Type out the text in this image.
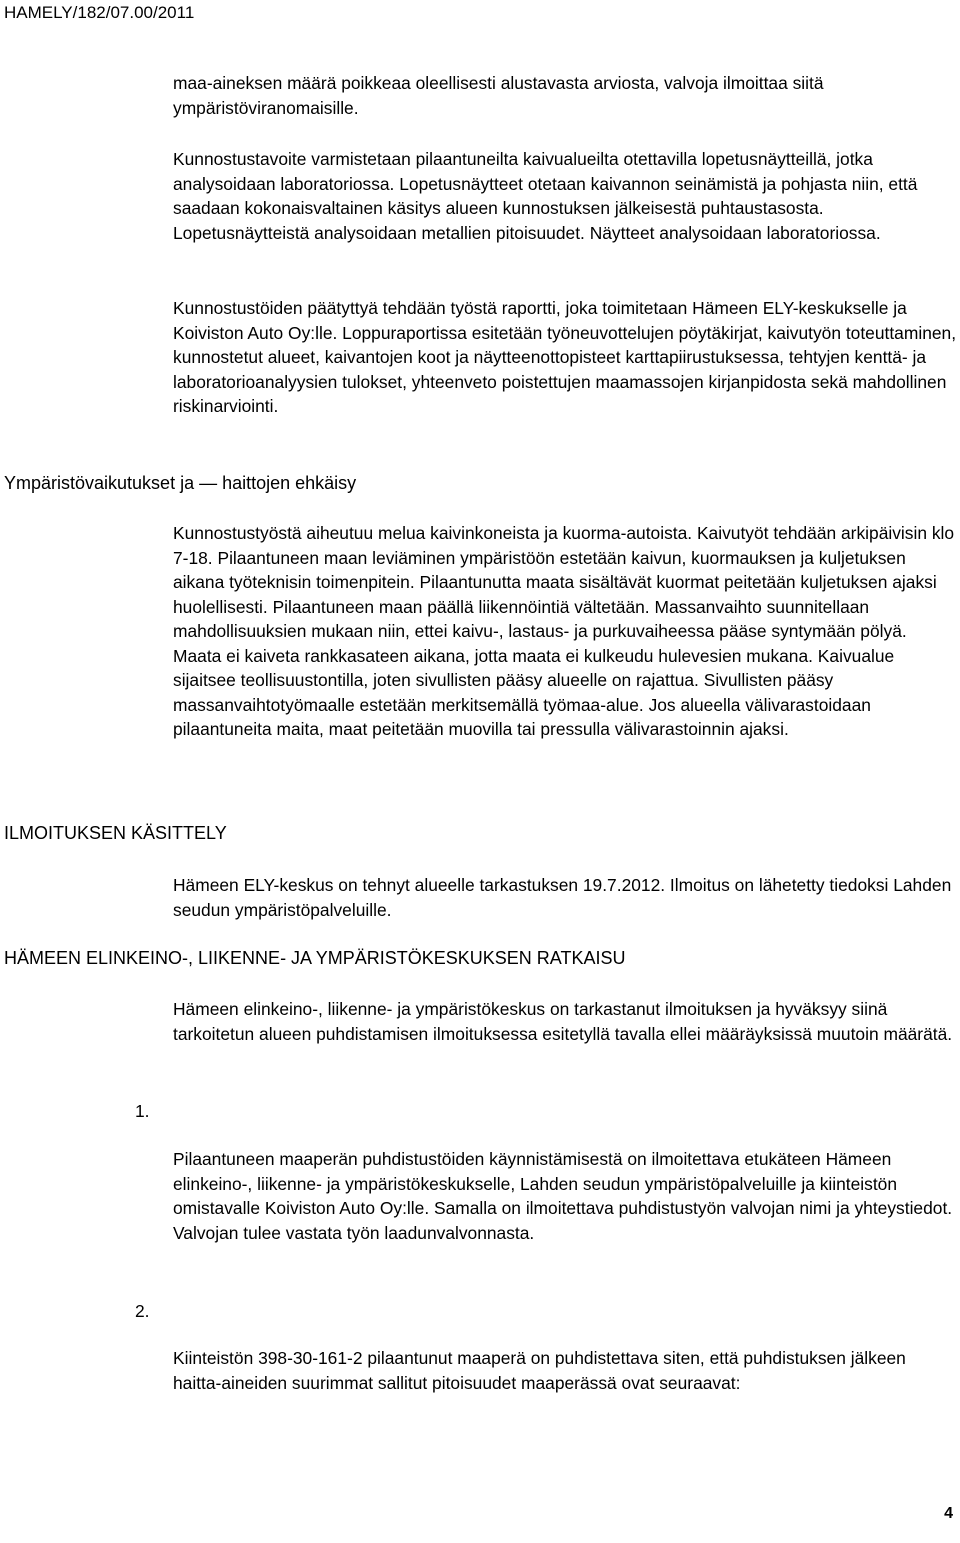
HAMELY/182/07.00/2011

maa-aineksen määrä poikkeaa oleellisesti alustavasta arviosta, valvoja ilmoittaa siitä ympäristöviranomaisille.

Kunnostustavoite varmistetaan pilaantuneilta kaivualueilta otettavilla lopetusnäytteillä, jotka analysoidaan laboratoriossa. Lopetusnäytteet otetaan kaivannon seinämistä ja pohjasta niin, että saadaan kokonaisvaltainen käsitys alueen kunnostuksen jälkeisestä puhtaustasosta. Lopetusnäytteistä analysoidaan metallien pitoisuudet. Näytteet analysoidaan laboratoriossa.

Kunnostustöiden päätyttyä tehdään työstä raportti, joka toimitetaan Hämeen ELY-keskukselle ja Koiviston Auto Oy:lle. Loppuraportissa esitetään työneuvottelujen pöytäkirjat, kaivutyön toteuttaminen, kunnostetut alueet, kaivantojen koot ja näytteenottopisteet karttapiirustuksessa, tehtyjen kenttä- ja laboratorioanalyysien tulokset, yhteenveto poistettujen maamassojen kirjanpidosta sekä mahdollinen riskinarviointi.

Ympäristövaikutukset ja — haittojen ehkäisy

Kunnostustyöstä aiheutuu melua kaivinkoneista ja kuorma-autoista. Kaivutyöt tehdään arkipäivisin klo 7-18. Pilaantuneen maan leviäminen ympäristöön estetään kaivun, kuormauksen ja kuljetuksen aikana työteknisin toimenpitein. Pilaantunutta maata sisältävät kuormat peitetään kuljetuksen ajaksi huolellisesti. Pilaantuneen maan päällä liikennöintiä vältetään. Massanvaihto suunnitellaan mahdollisuuksien mukaan niin, ettei kaivu-, lastaus- ja purkuvaiheessa pääse syntymään pölyä. Maata ei kaiveta rankkasateen aikana, jotta maata ei kulkeudu hulevesien mukana. Kaivualue sijaitsee teollisuustontilla, joten sivullisten pääsy alueelle on rajattua. Sivullisten pääsy massanvaihtotyömaalle estetään merkitsemällä työmaa-alue. Jos alueella välivarastoidaan pilaantuneita maita, maat peitetään muovilla tai pressulla välivarastoinnin ajaksi.

ILMOITUKSEN KÄSITTELY

Hämeen ELY-keskus on tehnyt alueelle tarkastuksen 19.7.2012. Ilmoitus on lähetetty tiedoksi Lahden seudun ympäristöpalveluille.

HÄMEEN ELINKEINO-, LIIKENNE- JA YMPÄRISTÖKESKUKSEN RATKAISU

Hämeen elinkeino-, liikenne- ja ympäristökeskus on tarkastanut ilmoituksen ja hyväksyy siinä tarkoitetun alueen puhdistamisen ilmoituksessa esitetyllä tavalla ellei määräyksissä muutoin määrätä.

1.

Pilaantuneen maaperän puhdistustöiden käynnistämisestä on ilmoitettava etukäteen Hämeen elinkeino-, liikenne- ja ympäristökeskukselle, Lahden seudun ympäristöpalveluille ja kiinteistön omistavalle Koiviston Auto Oy:lle. Samalla on ilmoitettava puhdistustyön valvojan nimi ja yhteystiedot. Valvojan tulee vastata työn laadunvalvonnasta.

2.

Kiinteistön 398-30-161-2 pilaantunut maaperä on puhdistettava siten, että puhdistuksen jälkeen haitta-aineiden suurimmat sallitut pitoisuudet maaperässä ovat seuraavat:

4
